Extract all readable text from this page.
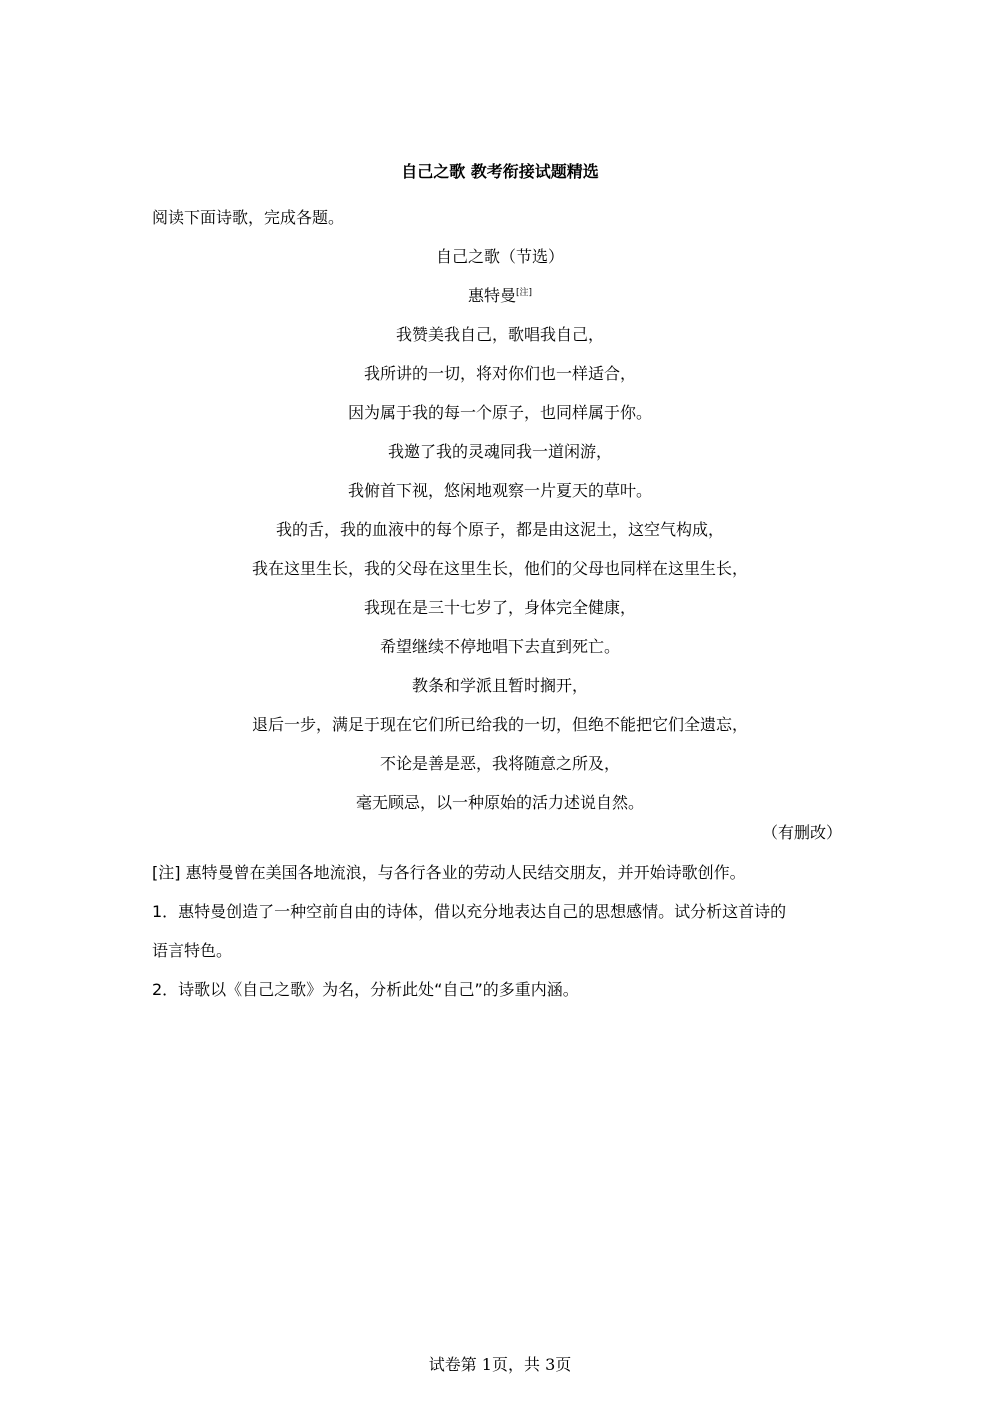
自己之歌 教考衔接试题精选
阅读下面诗歌，完成各题。
自己之歌（节选）
惠特曼[注]
我赞美我自己，歌唱我自己，
我所讲的一切，将对你们也一样适合，
因为属于我的每一个原子，也同样属于你。
我邀了我的灵魂同我一道闲游，
我俯首下视，悠闲地观察一片夏天的草叶。
我的舌，我的血液中的每个原子，都是由这泥土，这空气构成，
我在这里生长，我的父母在这里生长，他们的父母也同样在这里生长，
我现在是三十七岁了，身体完全健康，
希望继续不停地唱下去直到死亡。
教条和学派且暂时搁开，
退后一步，满足于现在它们所已给我的一切，但绝不能把它们全遗忘，
不论是善是恶，我将随意之所及，
毫无顾忌，以一种原始的活力述说自然。
（有删改）
[注] 惠特曼曾在美国各地流浪，与各行各业的劳动人民结交朋友，并开始诗歌创作。
1．惠特曼创造了一种空前自由的诗体，借以充分地表达自己的思想感情。试分析这首诗的
语言特色。
2．诗歌以《自己之歌》为名，分析此处“自己”的多重内涵。
试卷第 1页，共 3页
